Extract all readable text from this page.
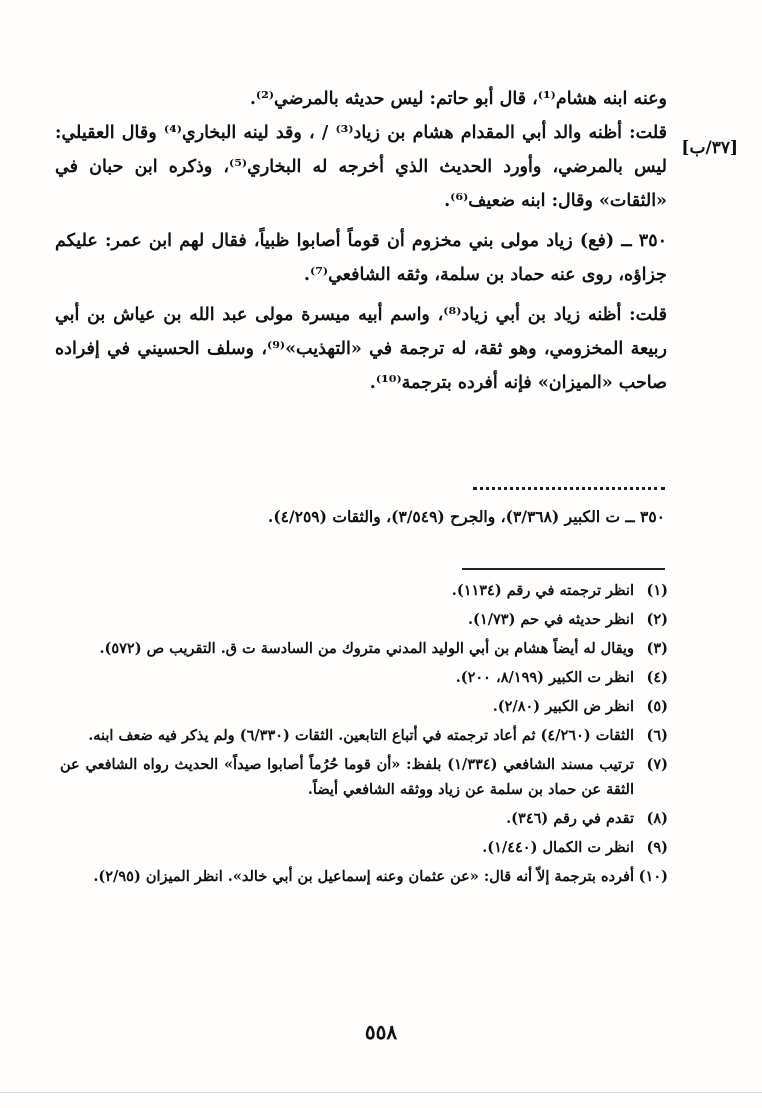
[٣٧/ب]

وعنه ابنه هشام⁽¹⁾، قال أبو حاتم: ليس حديثه بالمرضي⁽²⁾.

قلت: أظنه والد أبي المقدام هشام بن زياد⁽³⁾ / ، وقد لينه البخاري⁽⁴⁾ وقال العقيلي: ليس بالمرضي، وأورد الحديث الذي أخرجه له البخاري⁽⁵⁾، وذكره ابن حبان في «الثقات» وقال: ابنه ضعيف⁽⁶⁾.

٣٥٠ ــ (فع) زياد مولى بني مخزوم أن قوماً أصابوا ظبياً، فقال لهم ابن عمر: عليكم جزاؤه، روى عنه حماد بن سلمة، وثقه الشافعي⁽⁷⁾.

قلت: أظنه زياد بن أبي زياد⁽⁸⁾، واسم أبيه ميسرة مولى عبد الله بن عياش بن أبي ربيعة المخزومي، وهو ثقة، له ترجمة في «التهذيب»⁽⁹⁾، وسلف الحسيني في إفراده صاحب «الميزان» فإنه أفرده بترجمة⁽¹⁰⁾.

٣٥٠ ــ ت الكبير (٣/٣٦٨)، والجرح (٣/٥٤٩)، والثقات (٤/٢٥٩).
(١)
انظر ترجمته في رقم (١١٣٤).
(٢)
انظر حديثه في حم (١/٧٣).
(٣)
ويقال له أيضاً هشام بن أبي الوليد المدني متروك من السادسة ت ق. التقريب ص (٥٧٢).
(٤)
انظر ت الكبير (٨/١٩٩، ٢٠٠).
(٥)
انظر ض الكبير (٢/٨٠).
(٦)
الثقات (٤/٢٦٠) ثم أعاد ترجمته في أتباع التابعين. الثقات (٦/٣٣٠) ولم يذكر فيه ضعف ابنه.
(٧)
ترتيب مسند الشافعي (١/٣٣٤) بلفظ: «أن قوما حُرُماً أصابوا صيداً» الحديث رواه الشافعي عن الثقة عن حماد بن سلمة عن زياد ووثقه الشافعي أيضاً.
(٨)
تقدم في رقم (٣٤٦).
(٩)
انظر ت الكمال (١/٤٤٠).
(١٠)
أفرده بترجمة إلاّ أنه قال: «عن عثمان وعنه إسماعيل بن أبي خالد». انظر الميزان (٢/٩٥).
٥٥٨
